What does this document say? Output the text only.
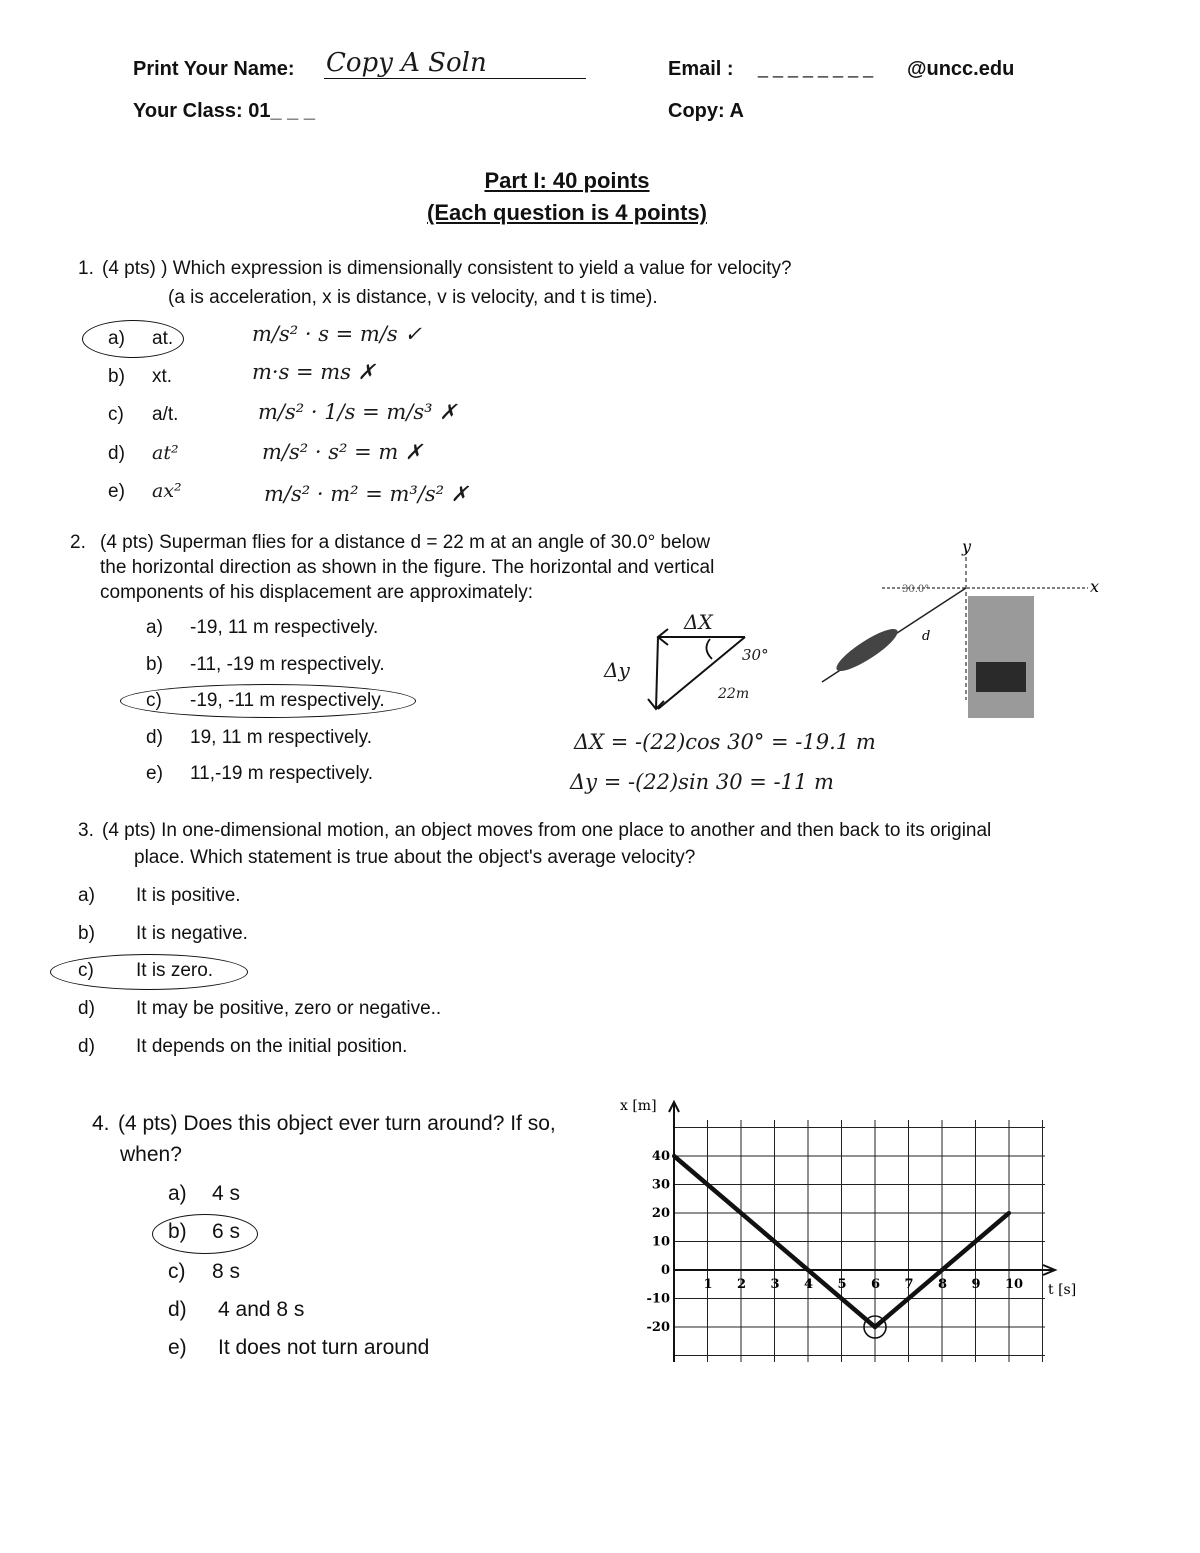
Print Your Name: Copy A Soln	Email : _ _ _ _ _ _ _ _ @uncc.edu
Your Class: 01_ _ _	Copy: A
Part I: 40 points
(Each question is 4 points)
1. (4 pts) ) Which expression is dimensionally consistent to yield a value for velocity?
(a is acceleration, x is distance, v is velocity, and t is time).
a) at.
b) xt.
c) a/t.
d) at²
e) ax²
m/s² · s = m/s ✓
m·s = ms ✗
m/s² · 1/s = m/s³ ✗
m/s² · s² = m ✗
m/s² · m² = m³/s² ✗
2. (4 pts) Superman flies for a distance d = 22 m at an angle of 30.0° below
the horizontal direction as shown in the figure. The horizontal and vertical
components of his displacement are approximately:
a) -19, 11 m respectively.
b) -11, -19 m respectively.
c) -19, -11 m respectively.
d) 19, 11 m respectively.
e) 11,-19 m respectively.
ΔX
Δy
30°
22m
ΔX = -(22)cos 30° = -19.1 m
Δy = -(22)sin 30 = -11 m
y
x
30.0°
d
3. (4 pts) In one-dimensional motion, an object moves from one place to another and then back to its original
place. Which statement is true about the object's average velocity?
a) It is positive.
b) It is negative.
c) It is zero.
d) It may be positive, zero or negative..
d) It depends on the initial position.
4. (4 pts) Does this object ever turn around? If so,
when?
a) 4 s
b) 6 s
c) 8 s
d) 4 and 8 s
e) It does not turn around
1 2 3 4 5 6 7 8 9 10
40
30
20
10
0
-10
-20
x [m]
t [s]
